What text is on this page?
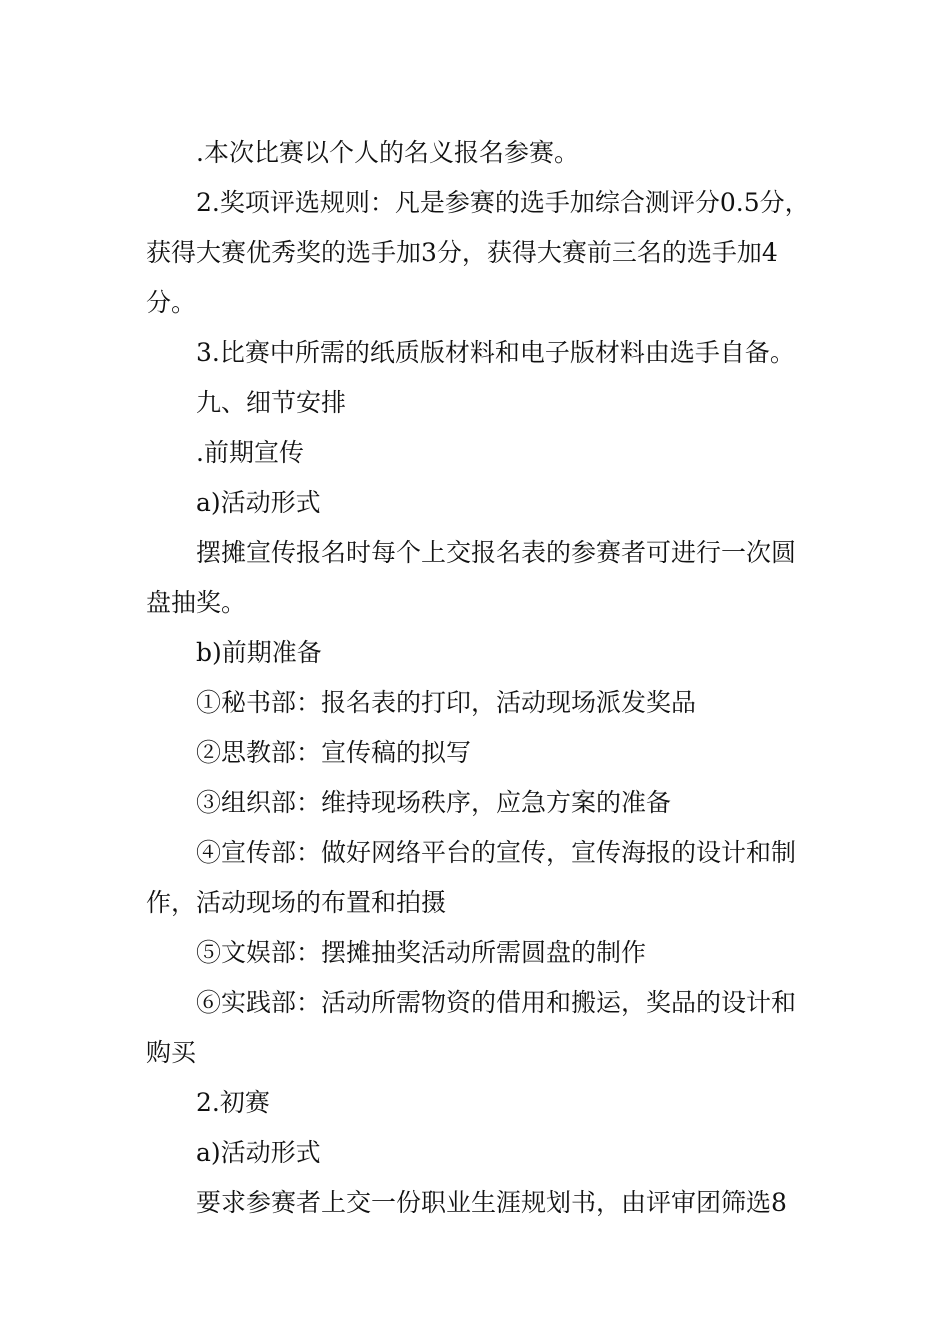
.本次比赛以个人的名义报名参赛。

2.奖项评选规则：凡是参赛的选手加综合测评分0.5分，获得大赛优秀奖的选手加3分，获得大赛前三名的选手加4分。

3.比赛中所需的纸质版材料和电子版材料由选手自备。

九、细节安排

.前期宣传

a)活动形式

摆摊宣传报名时每个上交报名表的参赛者可进行一次圆盘抽奖。

b)前期准备

①秘书部：报名表的打印，活动现场派发奖品

②思教部：宣传稿的拟写

③组织部：维持现场秩序，应急方案的准备

④宣传部：做好网络平台的宣传，宣传海报的设计和制作，活动现场的布置和拍摄

⑤文娱部：摆摊抽奖活动所需圆盘的制作

⑥实践部：活动所需物资的借用和搬运，奖品的设计和购买

2.初赛

a)活动形式

要求参赛者上交一份职业生涯规划书，由评审团筛选8
